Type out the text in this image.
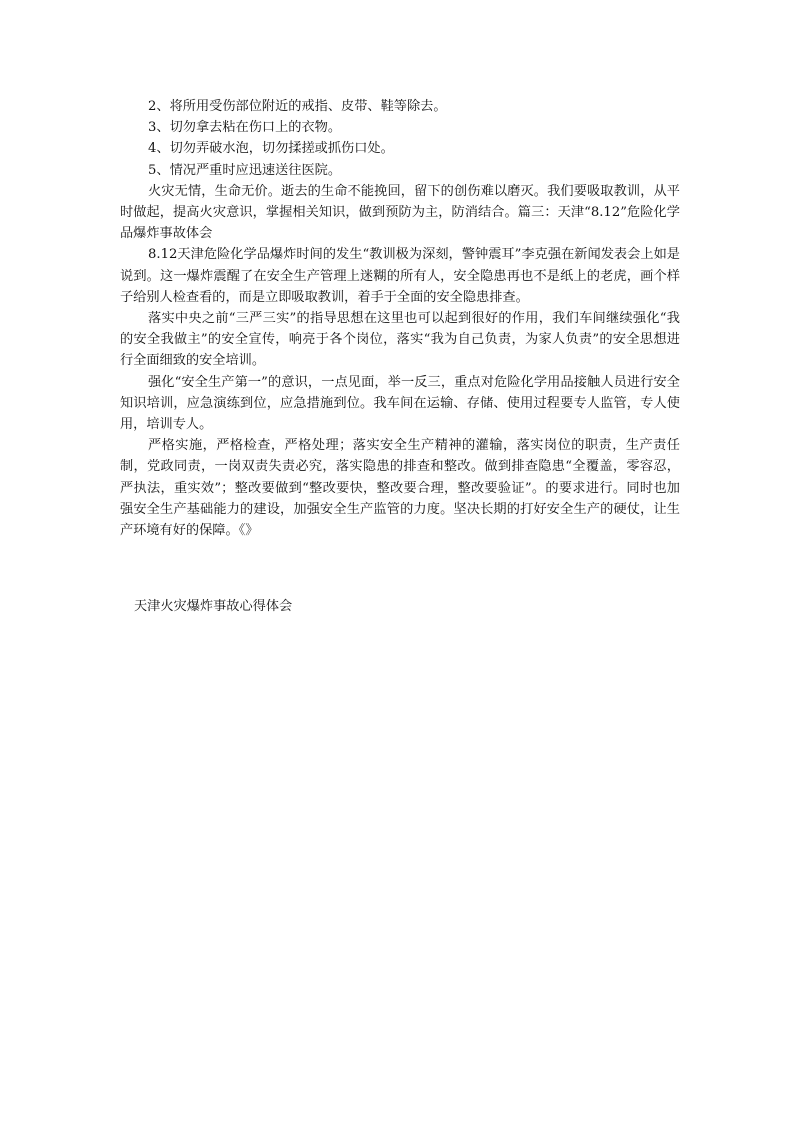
2、将所用受伤部位附近的戒指、皮带、鞋等除去。

3、切勿拿去粘在伤口上的衣物。

4、切勿弄破水泡，切勿揉搓或抓伤口处。

5、情况严重时应迅速送往医院。

火灾无情，生命无价。逝去的生命不能挽回，留下的创伤难以磨灭。我们要吸取教训，从平时做起，提高火灾意识，掌握相关知识，做到预防为主，防消结合。篇三：天津“8.12”危险化学品爆炸事故体会

8.12天津危险化学品爆炸时间的发生“教训极为深刻，警钟震耳”李克强在新闻发表会上如是说到。这一爆炸震醒了在安全生产管理上迷糊的所有人，安全隐患再也不是纸上的老虎，画个样子给别人检查看的，而是立即吸取教训，着手于全面的安全隐患排查。

落实中央之前“三严三实”的指导思想在这里也可以起到很好的作用，我们车间继续强化“我的安全我做主”的安全宣传，响亮于各个岗位，落实“我为自己负责，为家人负责”的安全思想进行全面细致的安全培训。

强化“安全生产第一”的意识，一点见面，举一反三，重点对危险化学用品接触人员进行安全知识培训，应急演练到位，应急措施到位。我车间在运输、存储、使用过程要专人监管，专人使用，培训专人。

严格实施，严格检查，严格处理；落实安全生产精神的灌输，落实岗位的职责，生产责任制，党政同责，一岗双责失责必究，落实隐患的排查和整改。做到排查隐患“全覆盖，零容忍，严执法，重实效”；整改要做到“整改要快，整改要合理，整改要验证”。的要求进行。同时也加强安全生产基础能力的建设，加强安全生产监管的力度。坚决长期的打好安全生产的硬仗，让生产环境有好的保障。《》

天津火灾爆炸事故心得体会
